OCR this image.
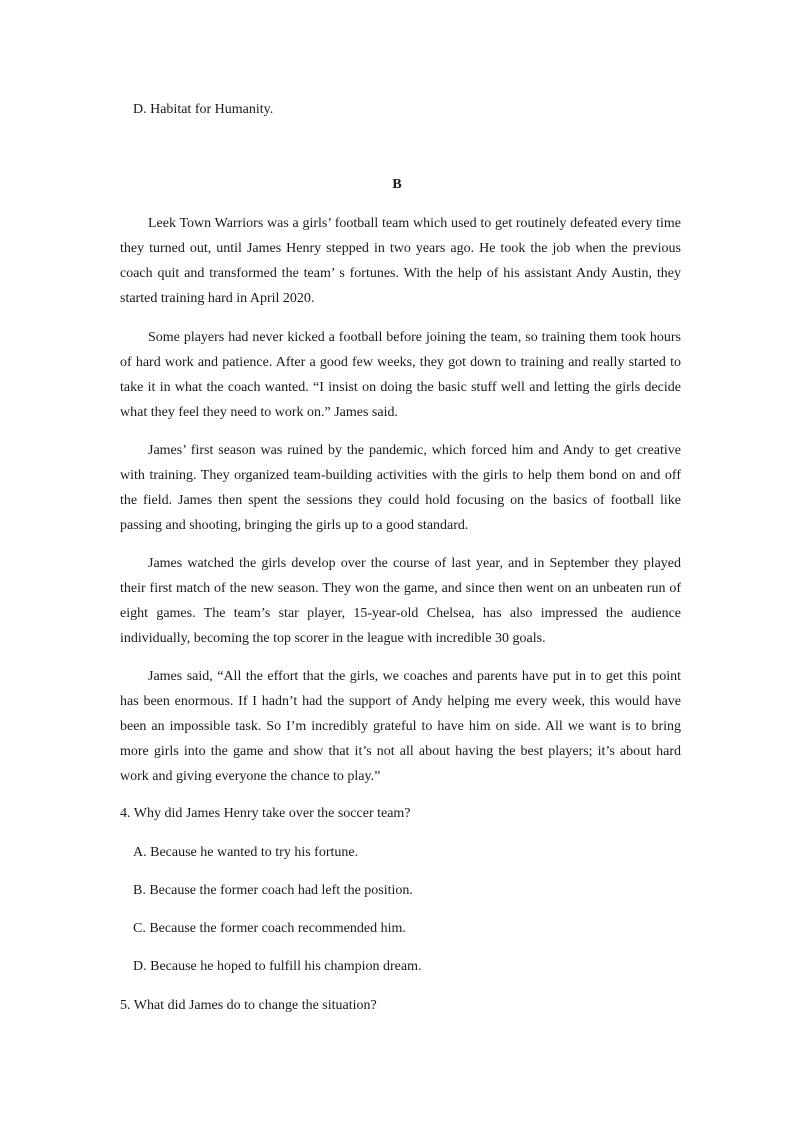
D. Habitat for Humanity.
B

Leek Town Warriors was a girls’ football team which used to get routinely defeated every time they turned out, until James Henry stepped in two years ago. He took the job when the previous coach quit and transformed the team’ s fortunes. With the help of his assistant Andy Austin, they started training hard in April 2020.

Some players had never kicked a football before joining the team, so training them took hours of hard work and patience. After a good few weeks, they got down to training and really started to take it in what the coach wanted. “I insist on doing the basic stuff well and letting the girls decide what they feel they need to work on.” James said.

James’ first season was ruined by the pandemic, which forced him and Andy to get creative with training. They organized team-building activities with the girls to help them bond on and off the field. James then spent the sessions they could hold focusing on the basics of football like passing and shooting, bringing the girls up to a good standard.

James watched the girls develop over the course of last year, and in September they played their first match of the new season. They won the game, and since then went on an unbeaten run of eight games. The team’s star player, 15-year-old Chelsea, has also impressed the audience individually, becoming the top scorer in the league with incredible 30 goals.

James said, “All the effort that the girls, we coaches and parents have put in to get this point has been enormous. If I hadn’t had the support of Andy helping me every week, this would have been an impossible task. So I’m incredibly grateful to have him on side. All we want is to bring more girls into the game and show that it’s not all about having the best players; it’s about hard work and giving everyone the chance to play.”

4. Why did James Henry take over the soccer team?
A. Because he wanted to try his fortune.
B. Because the former coach had left the position.
C. Because the former coach recommended him.
D. Because he hoped to fulfill his champion dream.
5. What did James do to change the situation?
